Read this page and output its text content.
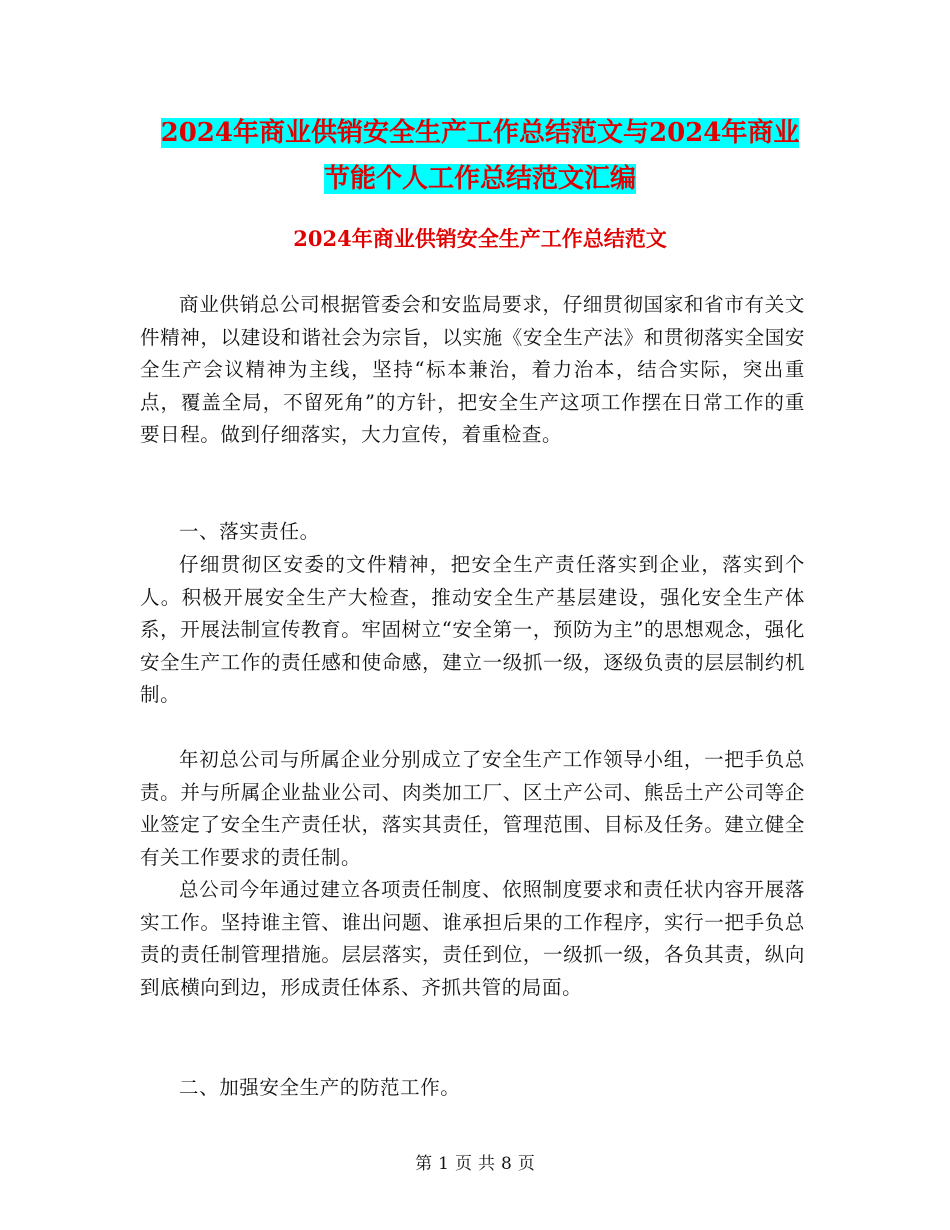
2024年商业供销安全生产工作总结范文与2024年商业
节能个人工作总结范文汇编
2024年商业供销安全生产工作总结范文

商业供销总公司根据管委会和安监局要求，仔细贯彻国家和省市有关文件精神，以建设和谐社会为宗旨，以实施《安全生产法》和贯彻落实全国安全生产会议精神为主线，坚持“标本兼治，着力治本，结合实际，突出重点，覆盖全局，不留死角”的方针，把安全生产这项工作摆在日常工作的重要日程。做到仔细落实，大力宣传，着重检查。

一、落实责任。

仔细贯彻区安委的文件精神，把安全生产责任落实到企业，落实到个人。积极开展安全生产大检查，推动安全生产基层建设，强化安全生产体系，开展法制宣传教育。牢固树立“安全第一，预防为主”的思想观念，强化安全生产工作的责任感和使命感，建立一级抓一级，逐级负责的层层制约机制。

年初总公司与所属企业分别成立了安全生产工作领导小组，一把手负总责。并与所属企业盐业公司、肉类加工厂、区土产公司、熊岳土产公司等企业签定了安全生产责任状，落实其责任，管理范围、目标及任务。建立健全有关工作要求的责任制。

总公司今年通过建立各项责任制度、依照制度要求和责任状内容开展落实工作。坚持谁主管、谁出问题、谁承担后果的工作程序，实行一把手负总责的责任制管理措施。层层落实，责任到位，一级抓一级，各负其责，纵向到底横向到边，形成责任体系、齐抓共管的局面。

二、加强安全生产的防范工作。

第 1 页 共 8 页
